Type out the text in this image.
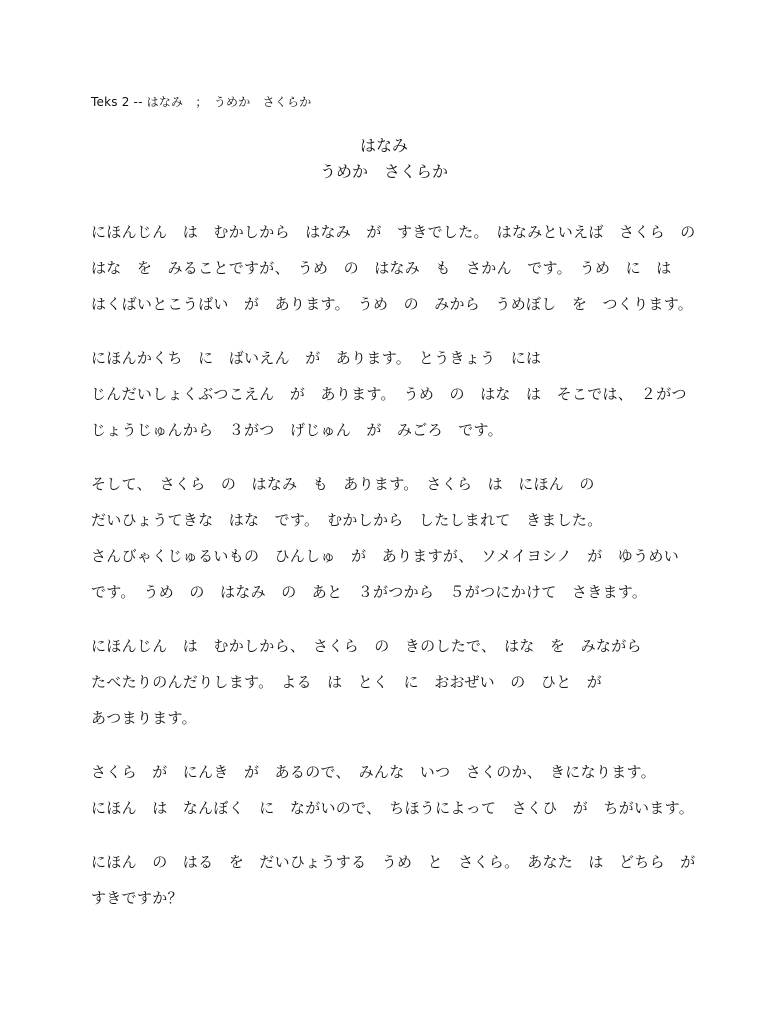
Teks 2 -- はなみ　；　うめか　さくらか
はなみ
うめか　さくらか
にほんじん　は　むかしから　はなみ　が　すきでした。　はなみといえば　さくら　の
はな　を　みることですが、　うめ　の　はなみ　も　さかん　です。　うめ　に　は
はくばいとこうばい　が　あります。　うめ　の　みから　うめぼし　を　つくります。
にほんかくち　に　ばいえん　が　あります。　とうきょう　には
じんだいしょくぶつこえん　が　あります。　うめ　の　はな　は　そこでは、　２がつ
じょうじゅんから　３がつ　げじゅん　が　みごろ　です。
そして、　さくら　の　はなみ　も　あります。　さくら　は　にほん　の
だいひょうてきな　はな　です。　むかしから　したしまれて　きました。
さんびゃくじゅるいもの　ひんしゅ　が　ありますが、　ソメイヨシノ　が　ゆうめい
です。　うめ　の　はなみ　の　あと　３がつから　５がつにかけて　さきます。
にほんじん　は　むかしから、　さくら　の　きのしたで、　はな　を　みながら
たべたりのんだりします。　よる　は　とく　に　おおぜい　の　ひと　が
あつまります。
さくら　が　にんき　が　あるので、　みんな　いつ　さくのか、　きになります。
にほん　は　なんぼく　に　ながいので、　ちほうによって　さくひ　が　ちがいます。
にほん　の　はる　を　だいひょうする　うめ　と　さくら。　あなた　は　どちら　が
すきですか？
